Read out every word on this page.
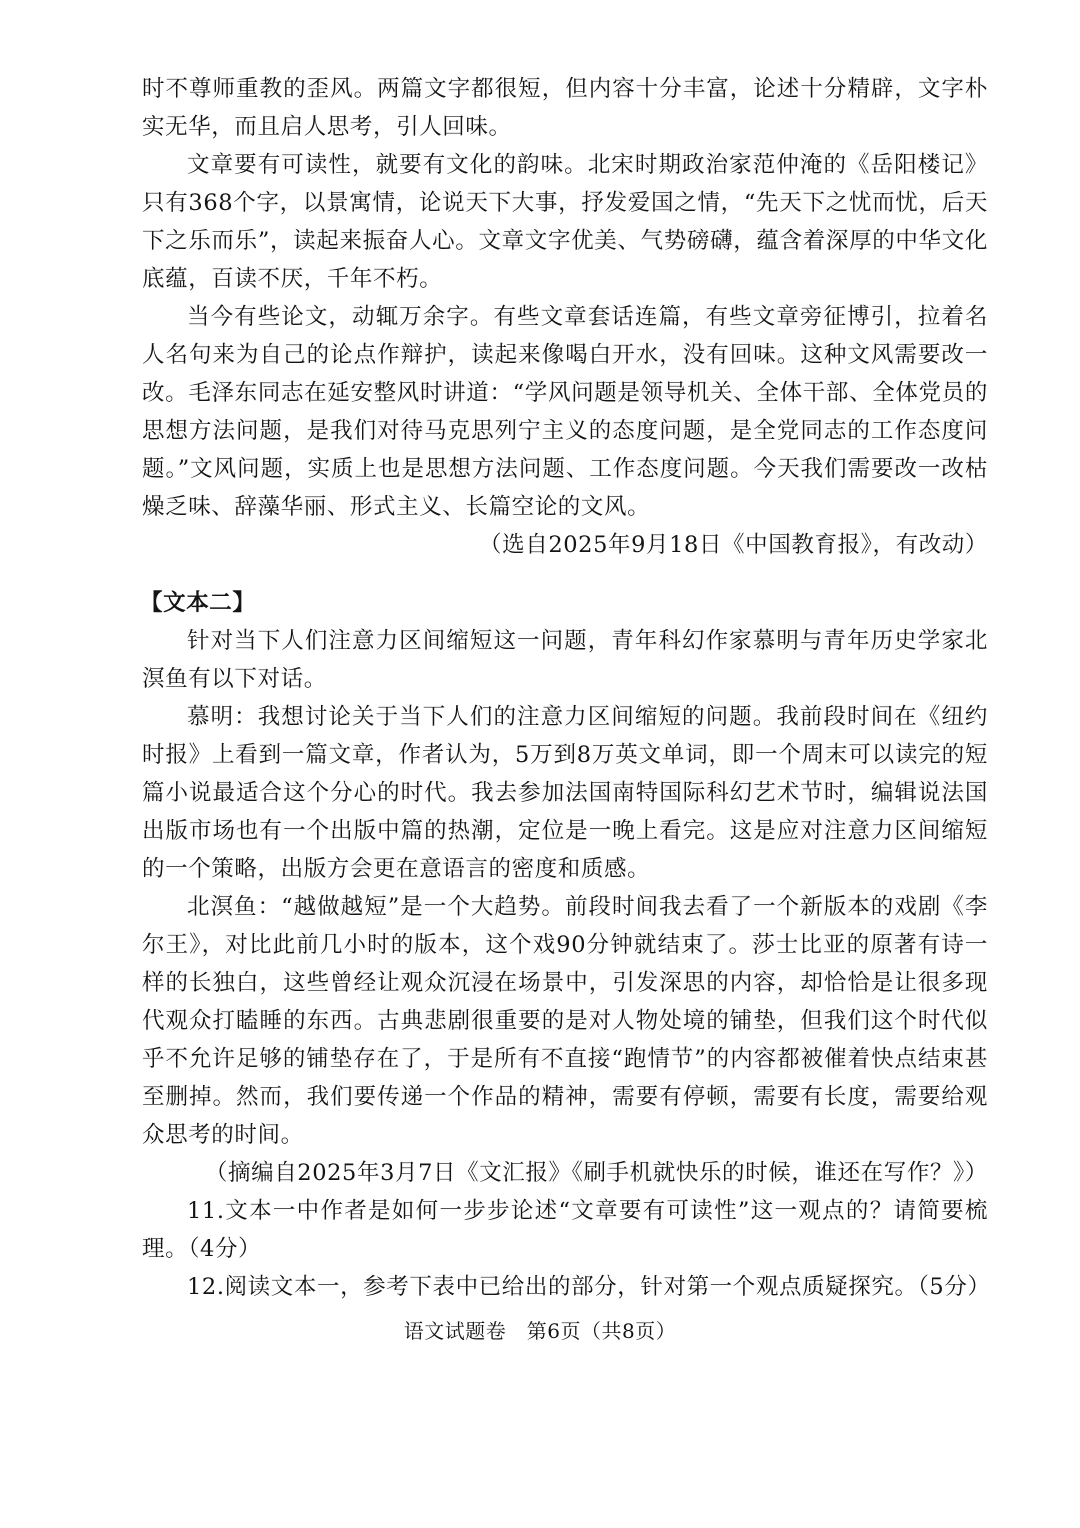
时不尊师重教的歪风。两篇文字都很短，但内容十分丰富，论述十分精辟，文字朴实无华，而且启人思考，引人回味。

文章要有可读性，就要有文化的韵味。北宋时期政治家范仲淹的《岳阳楼记》只有368个字，以景寓情，论说天下大事，抒发爱国之情，“先天下之忧而忧，后天下之乐而乐”，读起来振奋人心。文章文字优美、气势磅礴，蕴含着深厚的中华文化底蕴，百读不厌，千年不朽。

当今有些论文，动辄万余字。有些文章套话连篇，有些文章旁征博引，拉着名人名句来为自己的论点作辩护，读起来像喝白开水，没有回味。这种文风需要改一改。毛泽东同志在延安整风时讲道：“学风问题是领导机关、全体干部、全体党员的思想方法问题，是我们对待马克思列宁主义的态度问题，是全党同志的工作态度问题。”文风问题，实质上也是思想方法问题、工作态度问题。今天我们需要改一改枯燥乏味、辞藻华丽、形式主义、长篇空论的文风。

（选自2025年9月18日《中国教育报》，有改动）

【文本二】

针对当下人们注意力区间缩短这一问题，青年科幻作家慕明与青年历史学家北溟鱼有以下对话。

慕明：我想讨论关于当下人们的注意力区间缩短的问题。我前段时间在《纽约时报》上看到一篇文章，作者认为，5万到8万英文单词，即一个周末可以读完的短篇小说最适合这个分心的时代。我去参加法国南特国际科幻艺术节时，编辑说法国出版市场也有一个出版中篇的热潮，定位是一晚上看完。这是应对注意力区间缩短的一个策略，出版方会更在意语言的密度和质感。

北溟鱼：“越做越短”是一个大趋势。前段时间我去看了一个新版本的戏剧《李尔王》，对比此前几小时的版本，这个戏90分钟就结束了。莎士比亚的原著有诗一样的长独白，这些曾经让观众沉浸在场景中，引发深思的内容，却恰恰是让很多现代观众打瞌睡的东西。古典悲剧很重要的是对人物处境的铺垫，但我们这个时代似乎不允许足够的铺垫存在了，于是所有不直接“跑情节”的内容都被催着快点结束甚至删掉。然而，我们要传递一个作品的精神，需要有停顿，需要有长度，需要给观众思考的时间。

（摘编自2025年3月7日《文汇报》《刷手机就快乐的时候，谁还在写作？》）

11.文本一中作者是如何一步步论述“文章要有可读性”这一观点的？请简要梳理。（4分）

12.阅读文本一，参考下表中已给出的部分，针对第一个观点质疑探究。（5分）

语文试题卷　第6页（共8页）
